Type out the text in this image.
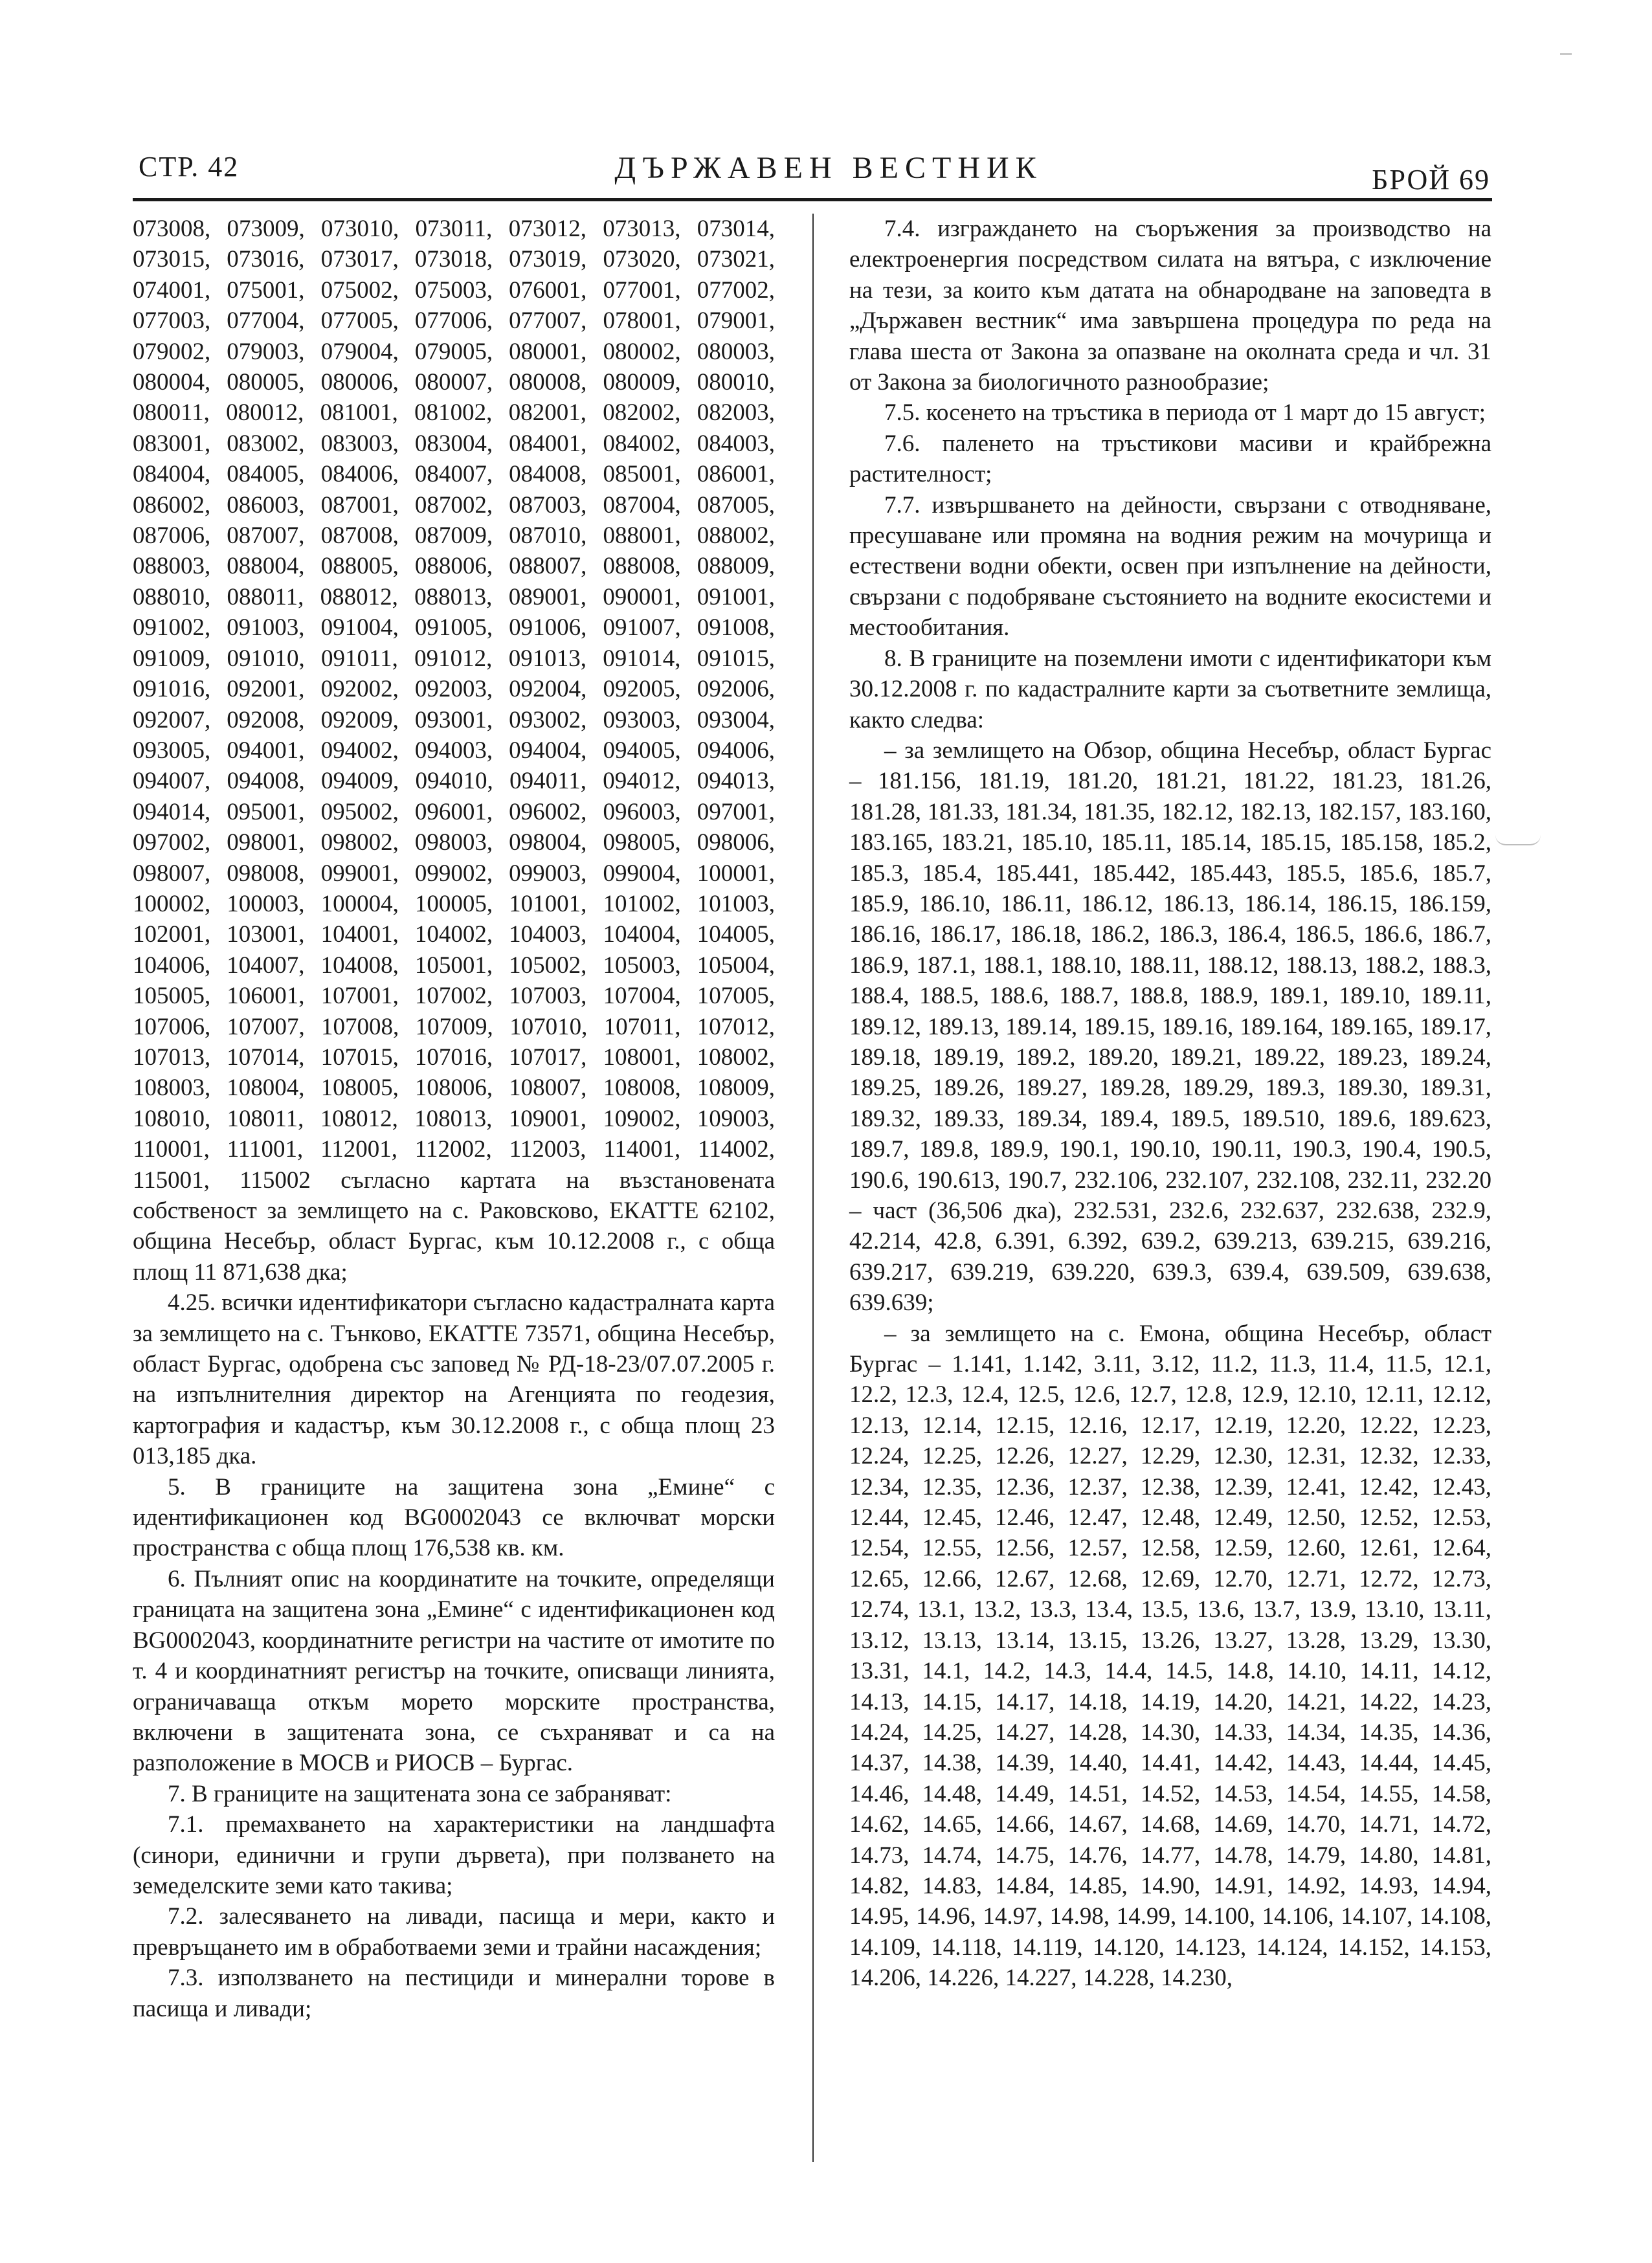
СТР. 42	ДЪРЖАВЕН ВЕСТНИК	БРОЙ 69

073008, 073009, 073010, 073011, 073012, 073013, 073014, 073015, 073016, 073017, 073018, 073019, 073020, 073021, 074001, 075001, 075002, 075003, 076001, 077001, 077002, 077003, 077004, 077005, 077006, 077007, 078001, 079001, 079002, 079003, 079004, 079005, 080001, 080002, 080003, 080004, 080005, 080006, 080007, 080008, 080009, 080010, 080011, 080012, 081001, 081002, 082001, 082002, 082003, 083001, 083002, 083003, 083004, 084001, 084002, 084003, 084004, 084005, 084006, 084007, 084008, 085001, 086001, 086002, 086003, 087001, 087002, 087003, 087004, 087005, 087006, 087007, 087008, 087009, 087010, 088001, 088002, 088003, 088004, 088005, 088006, 088007, 088008, 088009, 088010, 088011, 088012, 088013, 089001, 090001, 091001, 091002, 091003, 091004, 091005, 091006, 091007, 091008, 091009, 091010, 091011, 091012, 091013, 091014, 091015, 091016, 092001, 092002, 092003, 092004, 092005, 092006, 092007, 092008, 092009, 093001, 093002, 093003, 093004, 093005, 094001, 094002, 094003, 094004, 094005, 094006, 094007, 094008, 094009, 094010, 094011, 094012, 094013, 094014, 095001, 095002, 096001, 096002, 096003, 097001, 097002, 098001, 098002, 098003, 098004, 098005, 098006, 098007, 098008, 099001, 099002, 099003, 099004, 100001, 100002, 100003, 100004, 100005, 101001, 101002, 101003, 102001, 103001, 104001, 104002, 104003, 104004, 104005, 104006, 104007, 104008, 105001, 105002, 105003, 105004, 105005, 106001, 107001, 107002, 107003, 107004, 107005, 107006, 107007, 107008, 107009, 107010, 107011, 107012, 107013, 107014, 107015, 107016, 107017, 108001, 108002, 108003, 108004, 108005, 108006, 108007, 108008, 108009, 108010, 108011, 108012, 108013, 109001, 109002, 109003, 110001, 111001, 112001, 112002, 112003, 114001, 114002, 115001, 115002 съгласно картата на възстановената собственост за землището на с. Раковсково, ЕКАТТЕ 62102, община Несебър, област Бургас, към 10.12.2008 г., с обща площ 11 871,638 дка;

4.25. всички идентификатори съгласно кадастралната карта за землището на с. Тънково, ЕКАТТЕ 73571, община Несебър, област Бургас, одобрена със заповед № РД-18-23/07.07.2005 г. на изпълнителния директор на Агенцията по геодезия, картография и кадастър, към 30.12.2008 г., с обща площ 23 013,185 дка.

5. В границите на защитена зона „Емине“ с идентификационен код BG0002043 се включват морски пространства с обща площ 176,538 кв. км.

6. Пълният опис на координатите на точките, определящи границата на защитена зона „Емине“ с идентификационен код BG0002043, координатните регистри на частите от имотите по т. 4 и координатният регистър на точките, описващи линията, ограничаваща откъм морето морските пространства, включени в защитената зона, се съхраняват и са на разположение в МОСВ и РИОСВ – Бургас.

7. В границите на защитената зона се забраняват:

7.1. премахването на характеристики на ландшафта (синори, единични и групи дървета), при ползването на земеделските земи като такива;

7.2. залесяването на ливади, пасища и мери, както и превръщането им в обработваеми земи и трайни насаждения;

7.3. използването на пестициди и минерални торове в пасища и ливади;

7.4. изграждането на съоръжения за производство на електроенергия посредством силата на вятъра, с изключение на тези, за които към датата на обнародване на заповедта в „Държавен вестник“ има завършена процедура по реда на глава шеста от Закона за опазване на околната среда и чл. 31 от Закона за биологичното разнообразие;

7.5. косенето на тръстика в периода от 1 март до 15 август;

7.6. паленето на тръстикови масиви и крайбрежна растителност;

7.7. извършването на дейности, свързани с отводняване, пресушаване или промяна на водния режим на мочурища и естествени водни обекти, освен при изпълнение на дейности, свързани с подобряване състоянието на водните екосистеми и местообитания.

8. В границите на поземлени имоти с идентификатори към 30.12.2008 г. по кадастралните карти за съответните землища, както следва:

– за землището на Обзор, община Несебър, област Бургас – 181.156, 181.19, 181.20, 181.21, 181.22, 181.23, 181.26, 181.28, 181.33, 181.34, 181.35, 182.12, 182.13, 182.157, 183.160, 183.165, 183.21, 185.10, 185.11, 185.14, 185.15, 185.158, 185.2, 185.3, 185.4, 185.441, 185.442, 185.443, 185.5, 185.6, 185.7, 185.9, 186.10, 186.11, 186.12, 186.13, 186.14, 186.15, 186.159, 186.16, 186.17, 186.18, 186.2, 186.3, 186.4, 186.5, 186.6, 186.7, 186.9, 187.1, 188.1, 188.10, 188.11, 188.12, 188.13, 188.2, 188.3, 188.4, 188.5, 188.6, 188.7, 188.8, 188.9, 189.1, 189.10, 189.11, 189.12, 189.13, 189.14, 189.15, 189.16, 189.164, 189.165, 189.17, 189.18, 189.19, 189.2, 189.20, 189.21, 189.22, 189.23, 189.24, 189.25, 189.26, 189.27, 189.28, 189.29, 189.3, 189.30, 189.31, 189.32, 189.33, 189.34, 189.4, 189.5, 189.510, 189.6, 189.623, 189.7, 189.8, 189.9, 190.1, 190.10, 190.11, 190.3, 190.4, 190.5, 190.6, 190.613, 190.7, 232.106, 232.107, 232.108, 232.11, 232.20 – част (36,506 дка), 232.531, 232.6, 232.637, 232.638, 232.9, 42.214, 42.8, 6.391, 6.392, 639.2, 639.213, 639.215, 639.216, 639.217, 639.219, 639.220, 639.3, 639.4, 639.509, 639.638, 639.639;

– за землището на с. Емона, община Несебър, област Бургас – 1.141, 1.142, 3.11, 3.12, 11.2, 11.3, 11.4, 11.5, 12.1, 12.2, 12.3, 12.4, 12.5, 12.6, 12.7, 12.8, 12.9, 12.10, 12.11, 12.12, 12.13, 12.14, 12.15, 12.16, 12.17, 12.19, 12.20, 12.22, 12.23, 12.24, 12.25, 12.26, 12.27, 12.29, 12.30, 12.31, 12.32, 12.33, 12.34, 12.35, 12.36, 12.37, 12.38, 12.39, 12.41, 12.42, 12.43, 12.44, 12.45, 12.46, 12.47, 12.48, 12.49, 12.50, 12.52, 12.53, 12.54, 12.55, 12.56, 12.57, 12.58, 12.59, 12.60, 12.61, 12.64, 12.65, 12.66, 12.67, 12.68, 12.69, 12.70, 12.71, 12.72, 12.73, 12.74, 13.1, 13.2, 13.3, 13.4, 13.5, 13.6, 13.7, 13.9, 13.10, 13.11, 13.12, 13.13, 13.14, 13.15, 13.26, 13.27, 13.28, 13.29, 13.30, 13.31, 14.1, 14.2, 14.3, 14.4, 14.5, 14.8, 14.10, 14.11, 14.12, 14.13, 14.15, 14.17, 14.18, 14.19, 14.20, 14.21, 14.22, 14.23, 14.24, 14.25, 14.27, 14.28, 14.30, 14.33, 14.34, 14.35, 14.36, 14.37, 14.38, 14.39, 14.40, 14.41, 14.42, 14.43, 14.44, 14.45, 14.46, 14.48, 14.49, 14.51, 14.52, 14.53, 14.54, 14.55, 14.58, 14.62, 14.65, 14.66, 14.67, 14.68, 14.69, 14.70, 14.71, 14.72, 14.73, 14.74, 14.75, 14.76, 14.77, 14.78, 14.79, 14.80, 14.81, 14.82, 14.83, 14.84, 14.85, 14.90, 14.91, 14.92, 14.93, 14.94, 14.95, 14.96, 14.97, 14.98, 14.99, 14.100, 14.106, 14.107, 14.108, 14.109, 14.118, 14.119, 14.120, 14.123, 14.124, 14.152, 14.153, 14.206, 14.226, 14.227, 14.228, 14.230,
